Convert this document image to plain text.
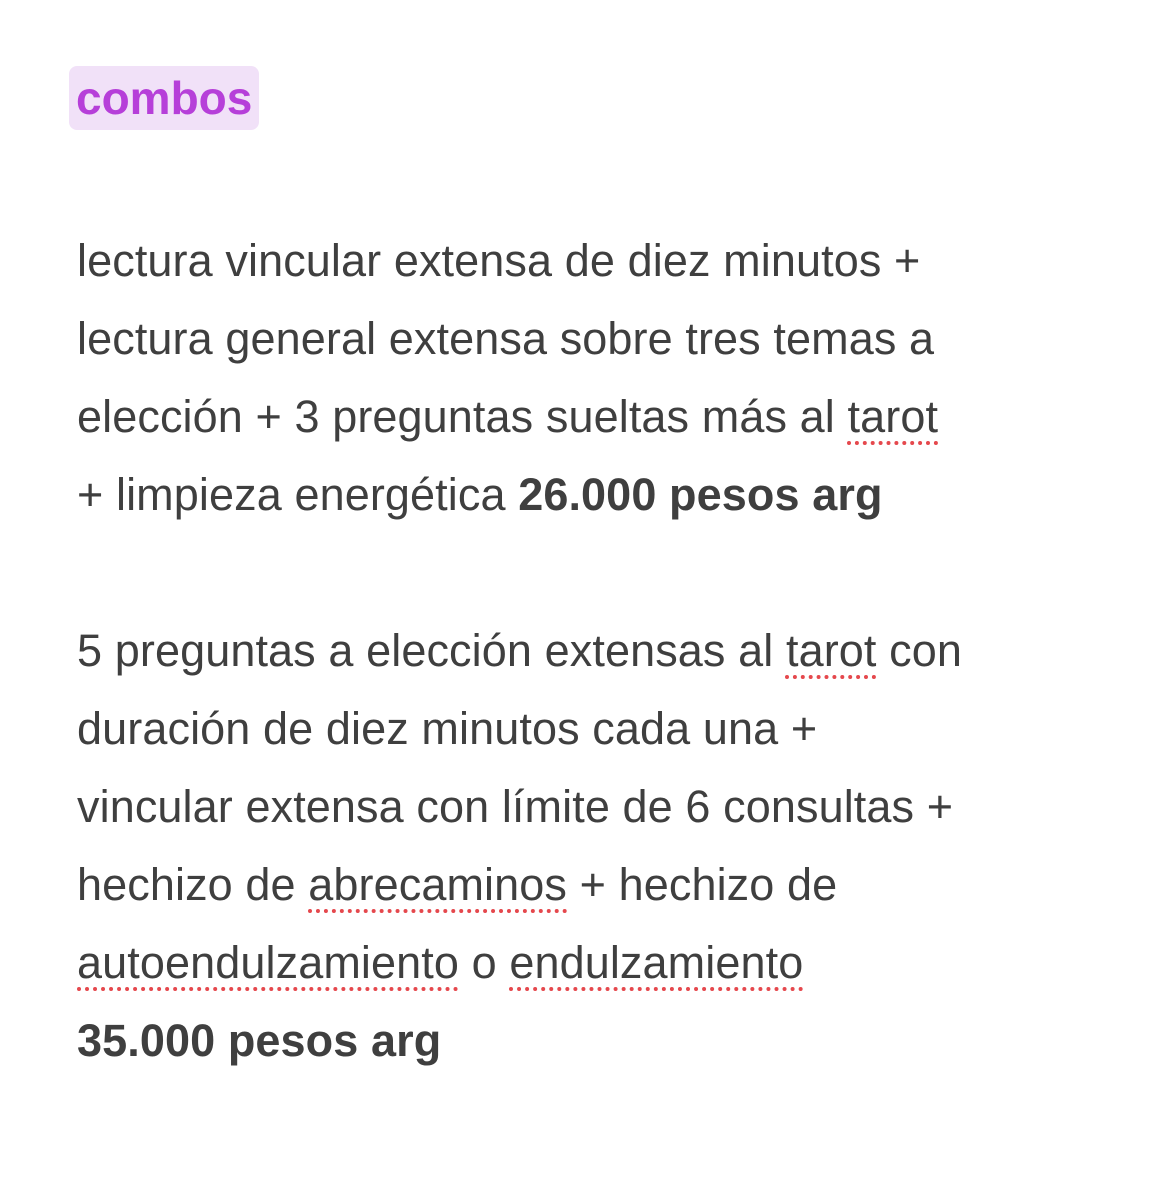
combos

lectura vincular extensa de diez minutos +
lectura general extensa sobre tres temas a
elección + 3 preguntas sueltas más al tarot
+ limpieza energética 26.000 pesos arg

5 preguntas a elección extensas al tarot con
duración de diez minutos cada una +
vincular extensa con límite de 6 consultas +
hechizo de abrecaminos + hechizo de
autoendulzamiento o endulzamiento
35.000 pesos arg
